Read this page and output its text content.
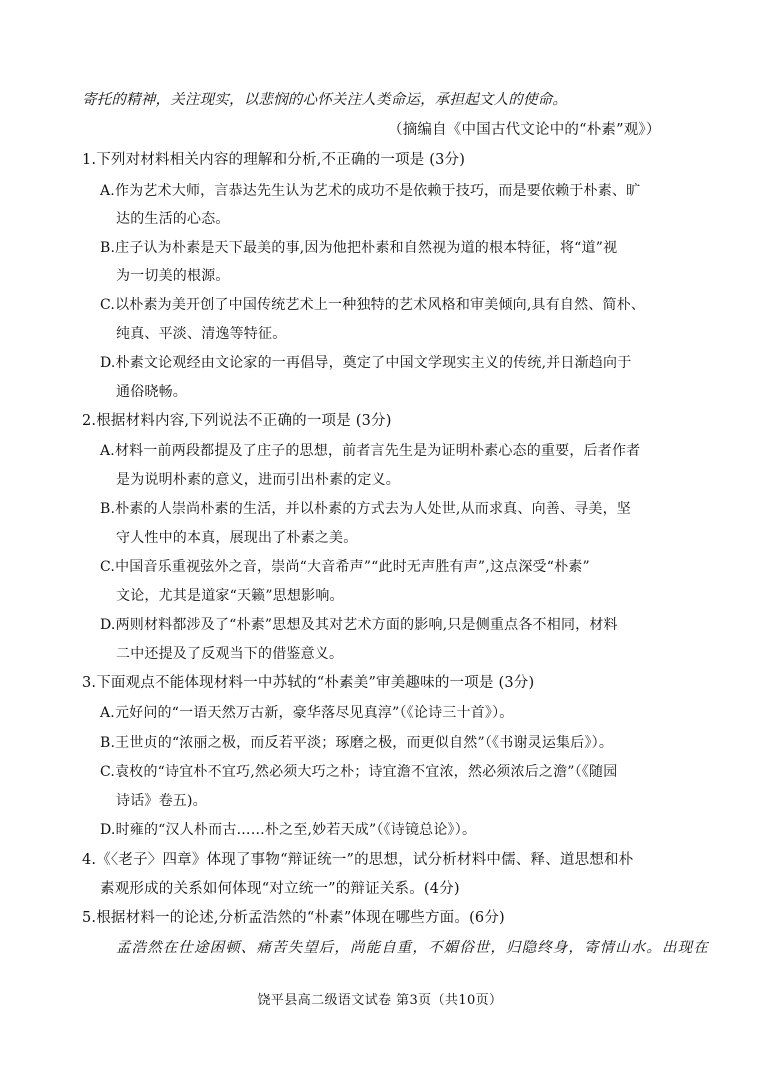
寄托的精神，关注现实，以悲悯的心怀关注人类命运，承担起文人的使命。
（摘编自《中国古代文论中的“朴素”观》）
1.下列对材料相关内容的理解和分析,不正确的一项是 (3分)
A.作为艺术大师，言恭达先生认为艺术的成功不是依赖于技巧，而是要依赖于朴素、旷
达的生活的心态。
B.庄子认为朴素是天下最美的事,因为他把朴素和自然视为道的根本特征，将“道”视
为一切美的根源。
C.以朴素为美开创了中国传统艺术上一种独特的艺术风格和审美倾向,具有自然、简朴、
纯真、平淡、清逸等特征。
D.朴素文论观经由文论家的一再倡导，奠定了中国文学现实主义的传统,并日渐趋向于
通俗晓畅。
2.根据材料内容,下列说法不正确的一项是 (3分)
A.材料一前两段都提及了庄子的思想，前者言先生是为证明朴素心态的重要，后者作者
是为说明朴素的意义，进而引出朴素的定义。
B.朴素的人崇尚朴素的生活，并以朴素的方式去为人处世,从而求真、向善、寻美，坚
守人性中的本真，展现出了朴素之美。
C.中国音乐重视弦外之音，崇尚“大音希声”“此时无声胜有声”,这点深受“朴素”
文论，尤其是道家“天籁”思想影响。
D.两则材料都涉及了“朴素”思想及其对艺术方面的影响,只是侧重点各不相同，材料
二中还提及了反观当下的借鉴意义。
3.下面观点不能体现材料一中苏轼的“朴素美”审美趣味的一项是 (3分)
A.元好问的“一语天然万古新，豪华落尽见真淳”（《论诗三十首》）。
B.王世贞的“浓丽之极，而反若平淡；琢磨之极，而更似自然”（《书谢灵运集后》）。
C.袁枚的“诗宜朴不宜巧,然必须大巧之朴；诗宜澹不宜浓，然必须浓后之澹”（《随园
诗话》卷五)。
D.时雍的“汉人朴而古……朴之至,妙若天成”（《诗镜总论》）。
4.《〈老子〉四章》体现了事物“辩证统一”的思想，试分析材料中儒、释、道思想和朴
素观形成的关系如何体现“对立统一”的辩证关系。(4分)
5.根据材料一的论述,分析孟浩然的“朴素”体现在哪些方面。(6分)
孟浩然在仕途困顿、痛苦失望后，尚能自重，不媚俗世，归隐终身，寄情山水。出现在
饶平县高二级语文试卷 第3页（共10页）
